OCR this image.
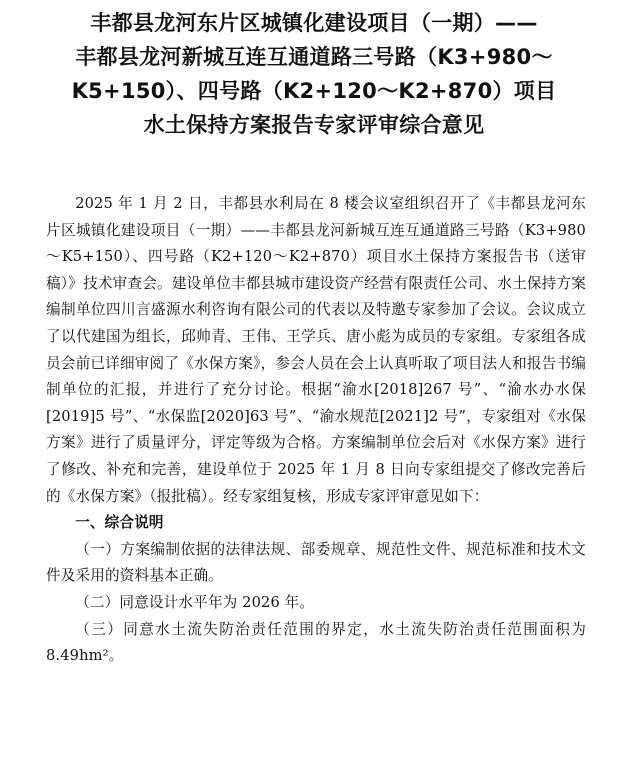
丰都县龙河东片区城镇化建设项目（一期）——
丰都县龙河新城互连互通道路三号路（K3+980～
K5+150）、四号路（K2+120～K2+870）项目
水土保持方案报告专家评审综合意见

2025 年 1 月 2 日，丰都县水利局在 8 楼会议室组织召开了《丰都县龙河东片区城镇化建设项目（一期）——丰都县龙河新城互连互通道路三号路（K3+980～K5+150）、四号路（K2+120～K2+870）项目水土保持方案报告书（送审稿）》技术审查会。建设单位丰都县城市建设资产经营有限责任公司、水土保持方案编制单位四川言盛源水利咨询有限公司的代表以及特邀专家参加了会议。会议成立了以代建国为组长，邱帅青、王伟、王学兵、唐小彪为成员的专家组。专家组各成员会前已详细审阅了《水保方案》，参会人员在会上认真听取了项目法人和报告书编制单位的汇报，并进行了充分讨论。根据“渝水[2018]267 号”、“渝水办水保[2019]5 号”、“水保监[2020]63 号”、“渝水规范[2021]2 号”，专家组对《水保方案》进行了质量评分，评定等级为合格。方案编制单位会后对《水保方案》进行了修改、补充和完善，建设单位于 2025 年 1 月 8 日向专家组提交了修改完善后的《水保方案》（报批稿）。经专家组复核，形成专家评审意见如下：

一、综合说明

（一）方案编制依据的法律法规、部委规章、规范性文件、规范标准和技术文件及采用的资料基本正确。

（二）同意设计水平年为 2026 年。

（三）同意水土流失防治责任范围的界定，水土流失防治责任范围面积为 8.49hm²。
